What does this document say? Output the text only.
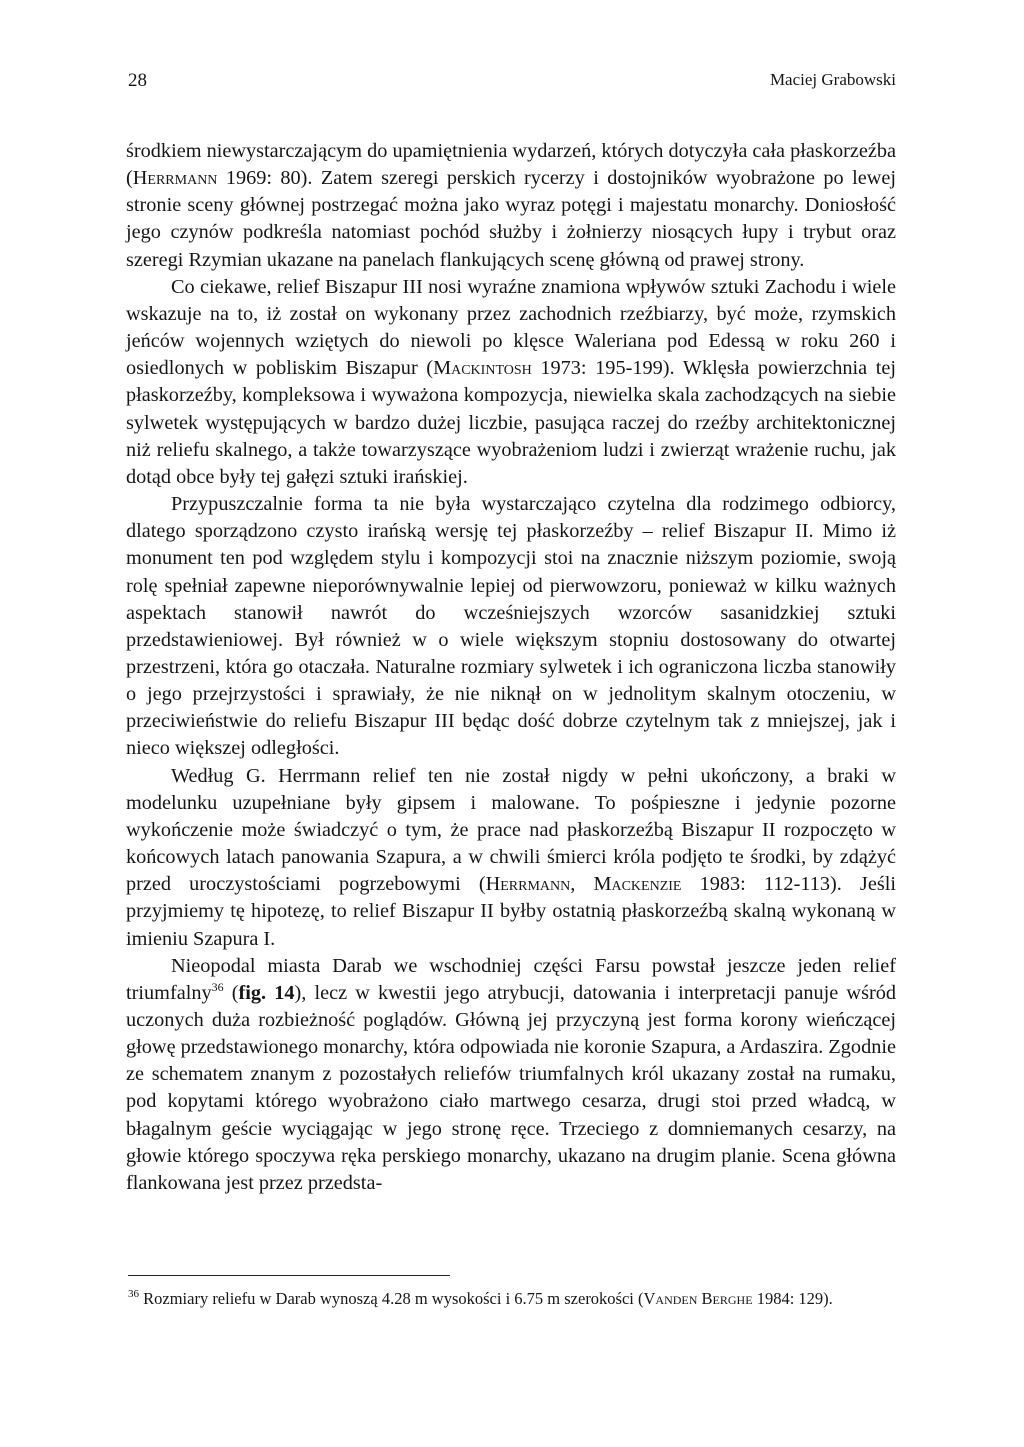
28	Maciej Grabowski

środkiem niewystarczającym do upamiętnienia wydarzeń, których dotyczyła cała płaskorzeźba (Herrmann 1969: 80). Zatem szeregi perskich rycerzy i dostojników wyobrażone po lewej stronie sceny głównej postrzegać można jako wyraz potęgi i majestatu monarchy. Doniosłość jego czynów podkreśla natomiast pochód służby i żołnierzy niosących łupy i trybut oraz szeregi Rzymian ukazane na panelach flankujących scenę główną od prawej strony.

Co ciekawe, relief Biszapur III nosi wyraźne znamiona wpływów sztuki Zachodu i wiele wskazuje na to, iż został on wykonany przez zachodnich rzeźbiarzy, być może, rzymskich jeńców wojennych wziętych do niewoli po klęsce Waleriana pod Edessą w roku 260 i osiedlonych w pobliskim Biszapur (Mackintosh 1973: 195-199). Wklęsła powierzchnia tej płaskorzeźby, kompleksowa i wyważona kompozycja, niewielka skala zachodzących na siebie sylwetek występujących w bardzo dużej liczbie, pasująca raczej do rzeźby architektonicznej niż reliefu skalnego, a także towarzyszące wyobrażeniom ludzi i zwierząt wrażenie ruchu, jak dotąd obce były tej gałęzi sztuki irańskiej.

Przypuszczalnie forma ta nie była wystarczająco czytelna dla rodzimego odbiorcy, dlatego sporządzono czysto irańską wersję tej płaskorzeźby – relief Biszapur II. Mimo iż monument ten pod względem stylu i kompozycji stoi na znacznie niższym poziomie, swoją rolę spełniał zapewne nieporównywalnie lepiej od pierwowzoru, ponieważ w kilku ważnych aspektach stanowił nawrót do wcześniejszych wzorców sasanidzkiej sztuki przedstawieniowej. Był również w o wiele większym stopniu dostosowany do otwartej przestrzeni, która go otaczała. Naturalne rozmiary sylwetek i ich ograniczona liczba stanowiły o jego przejrzystości i sprawiały, że nie niknął on w jednolitym skalnym otoczeniu, w przeciwieństwie do reliefu Biszapur III będąc dość dobrze czytelnym tak z mniejszej, jak i nieco większej odległości.

Według G. Herrmann relief ten nie został nigdy w pełni ukończony, a braki w modelunku uzupełniane były gipsem i malowane. To pośpieszne i jedynie pozorne wykończenie może świadczyć o tym, że prace nad płaskorzeźbą Biszapur II rozpoczęto w końcowych latach panowania Szapura, a w chwili śmierci króla podjęto te środki, by zdążyć przed uroczystościami pogrzebowymi (Herrmann, Mackenzie 1983: 112-113). Jeśli przyjmiemy tę hipotezę, to relief Biszapur II byłby ostatnią płaskorzeźbą skalną wykonaną w imieniu Szapura I.

Nieopodal miasta Darab we wschodniej części Farsu powstał jeszcze jeden relief triumfalny$^{36}$ (fig. 14), lecz w kwestii jego atrybucji, datowania i interpretacji panuje wśród uczonych duża rozbieżność poglądów. Główną jej przyczyną jest forma korony wieńczącej głowę przedstawionego monarchy, która odpowiada nie koronie Szapura, a Ardaszira. Zgodnie ze schematem znanym z pozostałych reliefów triumfalnych król ukazany został na rumaku, pod kopytami którego wyobrażono ciało martwego cesarza, drugi stoi przed władcą, w błagalnym geście wyciągając w jego stronę ręce. Trzeciego z domniemanych cesarzy, na głowie którego spoczywa ręka perskiego monarchy, ukazano na drugim planie. Scena główna flankowana jest przez przedsta-

$^{36}$ Rozmiary reliefu w Darab wynoszą 4.28 m wysokości i 6.75 m szerokości (Vanden Berghe 1984: 129).
